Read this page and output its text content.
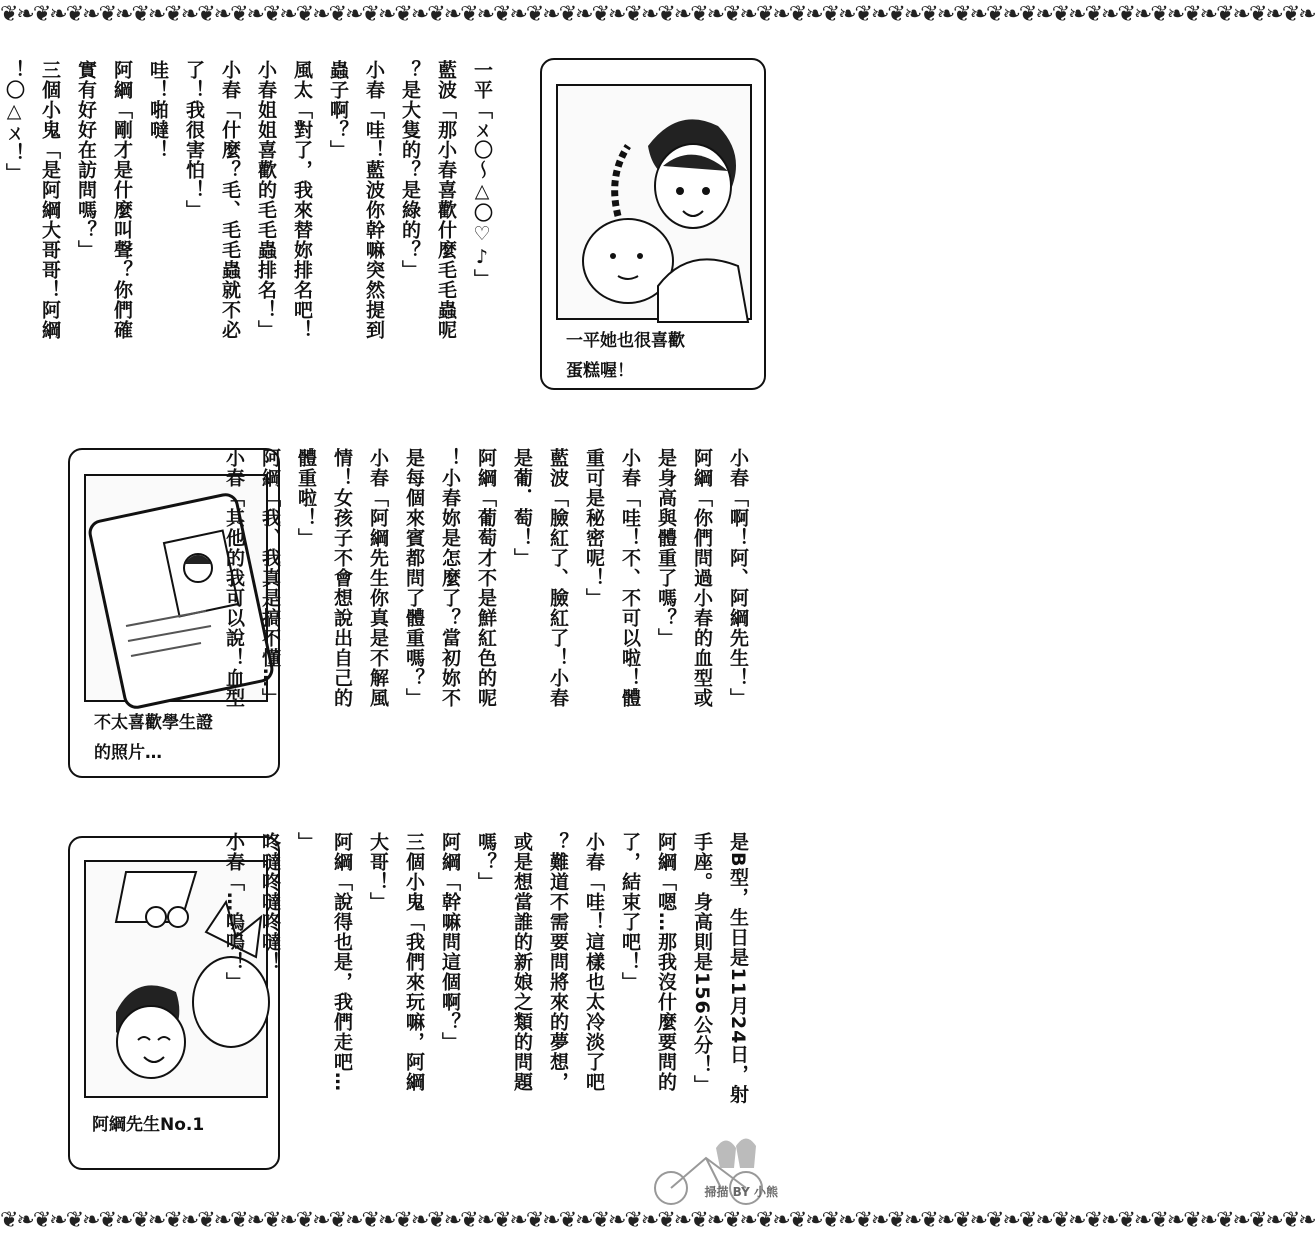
❦❧❦❧❦❧❦❧❦❧❦❧❦❧❦❧❦❧❦❧❦❧❦❧❦❧❦❧❦❧❦❧❦❧❦❧❦❧❦❧❦❧❦❧❦❧❦❧❦❧❦❧❦❧❦❧❦❧❦❧❦❧❦❧❦❧❦❧❦❧❦❧❦❧❦❧❦❧❦❧
一平「ㄨ〇〜△〇♡♪」
藍波「那小春喜歡什麼毛毛蟲呢
？是大隻的？是綠的？」
小春「哇！藍波你幹嘛突然提到
蟲子啊？」
風太「對了，我來替妳排名吧！
小春姐姐喜歡的毛毛蟲排名！」
小春「什麼？毛、毛毛蟲就不必
了！我很害怕！」
哇！啪噠！
阿綱「剛才是什麼叫聲？你們確
實有好好在訪問嗎？」
三個小鬼「是阿綱大哥哥！阿綱
！〇△ㄨ！」
一平她也很喜歡
蛋糕喔！
不太喜歡學生證
的照片…
小春「啊！阿、阿綱先生！」
阿綱「你們問過小春的血型或
是身高與體重了嗎？」
小春「哇！不、不可以啦！體
重可是秘密呢！」
藍波「臉紅了、臉紅了！小春
是葡．萄！」
阿綱「葡萄才不是鮮紅色的呢
！小春妳是怎麼了？當初妳不
是每個來賓都問了體重嗎？」
小春「阿綱先生你真是不解風
情！女孩子不會想說出自己的
體重啦！」
阿綱「我、我真是搞不懂…」
小春「其他的我可以說！血型
阿綱先生No.1
是B型，生日是11月24日，射
手座。身高則是156公分！」
阿綱「嗯…那我沒什麼要問的
了，結束了吧！」
小春「哇！這樣也太冷淡了吧
？難道不需要問將來的夢想，
或是想當誰的新娘之類的問題
嗎？」
阿綱「幹嘛問這個啊？」
三個小鬼「我們來玩嘛，阿綱
大哥！」
阿綱「說得也是，我們走吧…
」
咚噠咚噠咚噠！
小春「…嗚嗚！」
掃描 BY 小熊
❦❧❦❧❦❧❦❧❦❧❦❧❦❧❦❧❦❧❦❧❦❧❦❧❦❧❦❧❦❧❦❧❦❧❦❧❦❧❦❧❦❧❦❧❦❧❦❧❦❧❦❧❦❧❦❧❦❧❦❧❦❧❦❧❦❧❦❧❦❧❦❧❦❧❦❧❦❧❦❧
